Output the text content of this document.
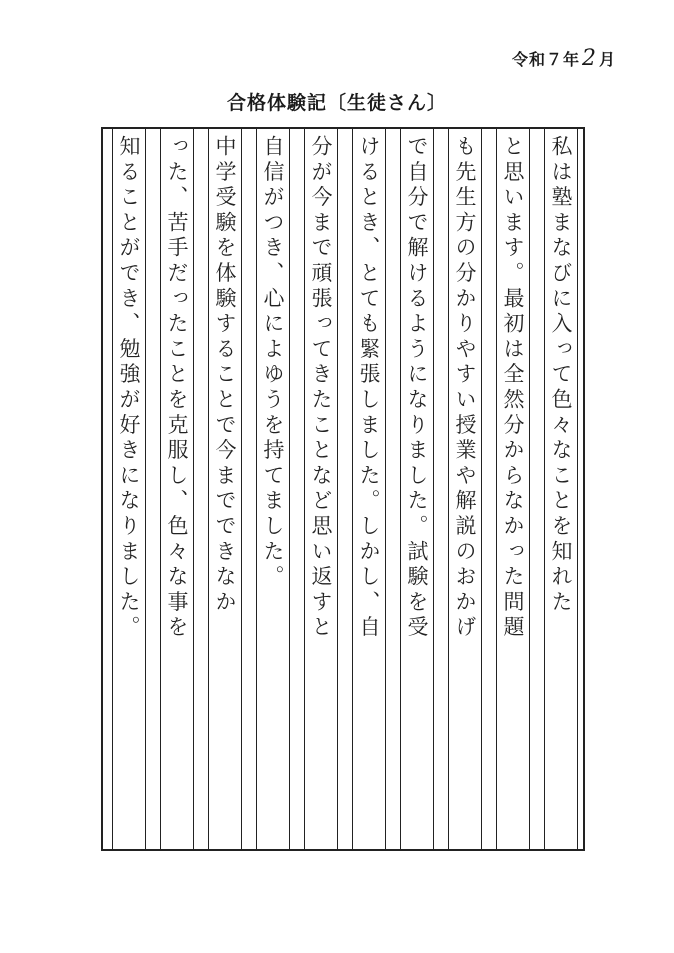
令和７年2 月
合格体験記〔生徒さん〕
私は塾まなびに入って色々なことを知れた
と思います。最初は全然分からなかった問題
も先生方の分かりやすい授業や解説のおかげ
で自分で解けるようになりました。試験を受
けるとき、とても緊張しました。しかし、自
分が今まで頑張ってきたことなど思い返すと
自信がつき、心によゆうを持てました。
中学受験を体験することで今までできなか
った、苦手だったことを克服し、色々な事を
知ることができ、勉強が好きになりました。
